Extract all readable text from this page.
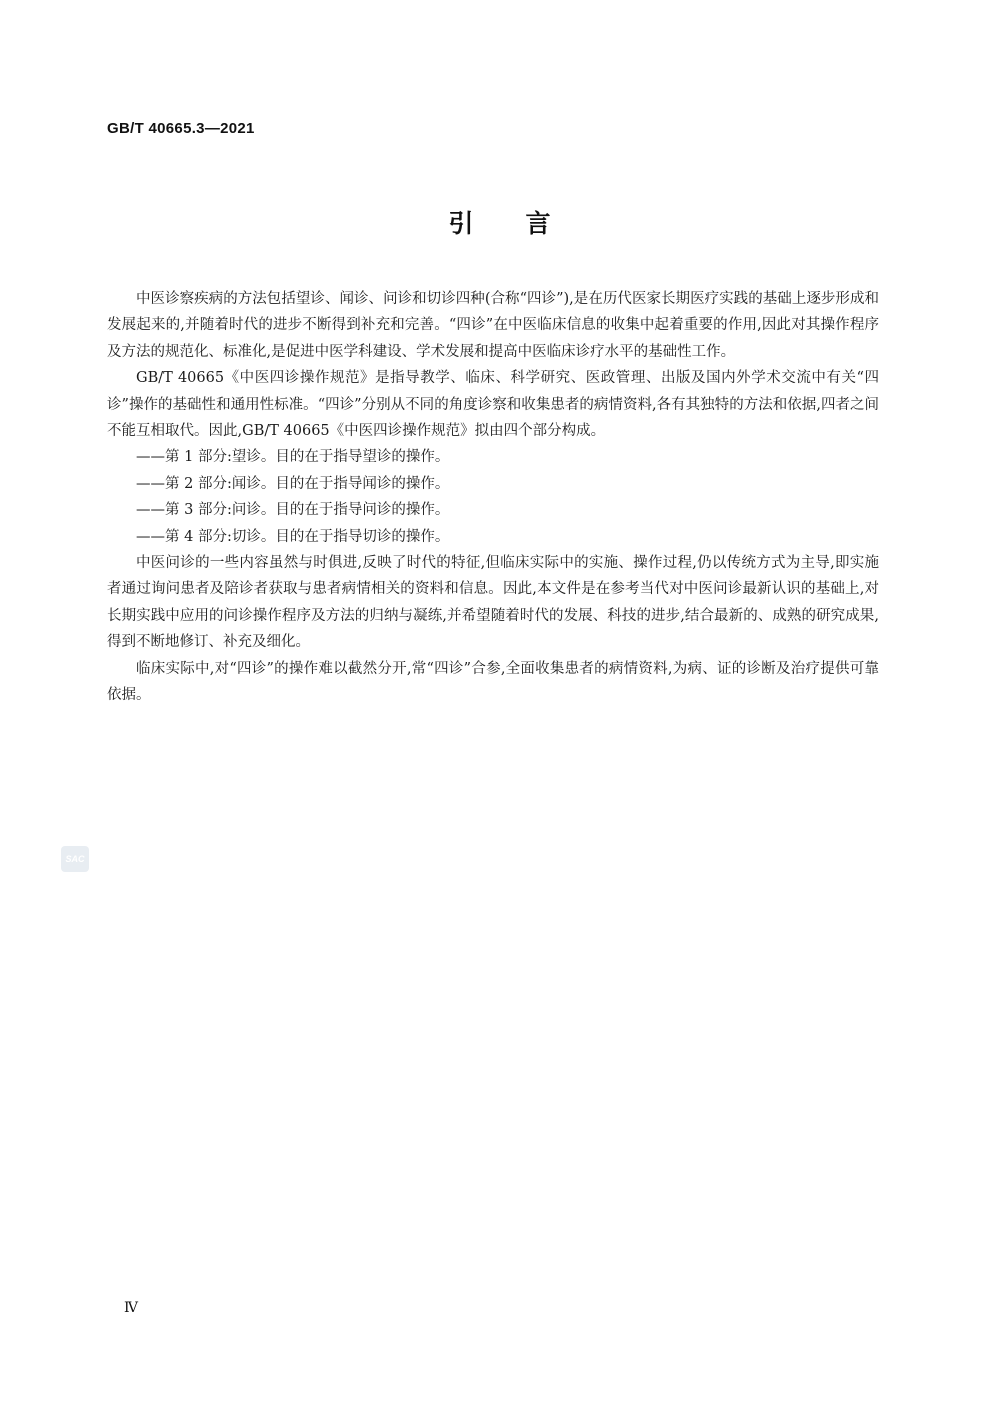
GB/T 40665.3—2021
引言

中医诊察疾病的方法包括望诊、闻诊、问诊和切诊四种(合称“四诊”),是在历代医家长期医疗实践的基础上逐步形成和发展起来的,并随着时代的进步不断得到补充和完善。“四诊”在中医临床信息的收集中起着重要的作用,因此对其操作程序及方法的规范化、标准化,是促进中医学科建设、学术发展和提高中医临床诊疗水平的基础性工作。

GB/T 40665《中医四诊操作规范》是指导教学、临床、科学研究、医政管理、出版及国内外学术交流中有关“四诊”操作的基础性和通用性标准。“四诊”分别从不同的角度诊察和收集患者的病情资料,各有其独特的方法和依据,四者之间不能互相取代。因此,GB/T 40665《中医四诊操作规范》拟由四个部分构成。

——第 1 部分:望诊。目的在于指导望诊的操作。

——第 2 部分:闻诊。目的在于指导闻诊的操作。

——第 3 部分:问诊。目的在于指导问诊的操作。

——第 4 部分:切诊。目的在于指导切诊的操作。

中医问诊的一些内容虽然与时俱进,反映了时代的特征,但临床实际中的实施、操作过程,仍以传统方式为主导,即实施者通过询问患者及陪诊者获取与患者病情相关的资料和信息。因此,本文件是在参考当代对中医问诊最新认识的基础上,对长期实践中应用的问诊操作程序及方法的归纳与凝练,并希望随着时代的发展、科技的进步,结合最新的、成熟的研究成果,得到不断地修订、补充及细化。

临床实际中,对“四诊”的操作难以截然分开,常“四诊”合参,全面收集患者的病情资料,为病、证的诊断及治疗提供可靠依据。

SAC
Ⅳ
